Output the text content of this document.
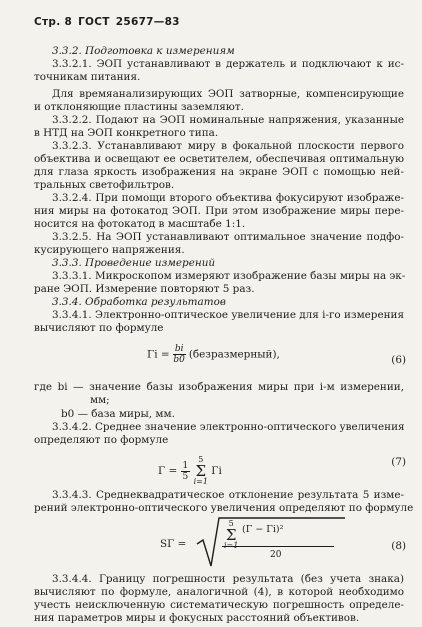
Стр. 8 ГОСТ 25677—83
3.3.2. Подготовка к измерениям
3.3.2.1. ЭОП устанавливают в держатель и подключают к ис-
точникам питания.
Для времяанализирующих ЭОП затворные, компенсирующие
и отклоняющие пластины заземляют.
3.3.2.2. Подают на ЭОП номинальные напряжения, указанные
в НТД на ЭОП конкретного типа.
3.3.2.3. Устанавливают миру в фокальной плоскости первого
объектива и освещают ее осветителем, обеспечивая оптимальную
для глаза яркость изображения на экране ЭОП с помощью ней-
тральных светофильтров.
3.3.2.4. При помощи второго объектива фокусируют изображе-
ния миры на фотокатод ЭОП. При этом изображение миры пере-
носится на фотокатод в масштабе 1:1.
3.3.2.5. На ЭОП устанавливают оптимальное значение подфо-
кусирующего напряжения.
3.3.3. Проведение измерений
3.3.3.1. Микроскопом измеряют изображение базы миры на эк-
ране ЭОП. Измерение повторяют 5 раз.
3.3.4. Обработка результатов
3.3.4.1. Электронно-оптическое увеличение для i-го измерения
вычисляют по формуле
$\Gamma i = \frac{bi}{b0}$ (безразмерный),	(6)
где bi — значение базы изображения миры при i-м измерении,
мм;
b0 — база миры, мм.
3.3.4.2. Среднее значение электронно-оптического увеличения
определяют по формуле
$\Gamma = \frac{1}{5}$
5
Σ
i=1 Γi
(7)
3.3.4.3. Среднеквадратическое отклонение результата 5 изме-
рений электронно-оптического увеличения определяют по формуле
SΓ =
5
Σ
i=1
(Γ − Γi)²
20
(8)
3.3.4.4. Границу погрешности результата (без учета знака)
вычисляют по формуле, аналогичной (4), в которой необходимо
учесть неисключенную систематическую погрешность определе-
ния параметров миры и фокусных расстояний объективов.
